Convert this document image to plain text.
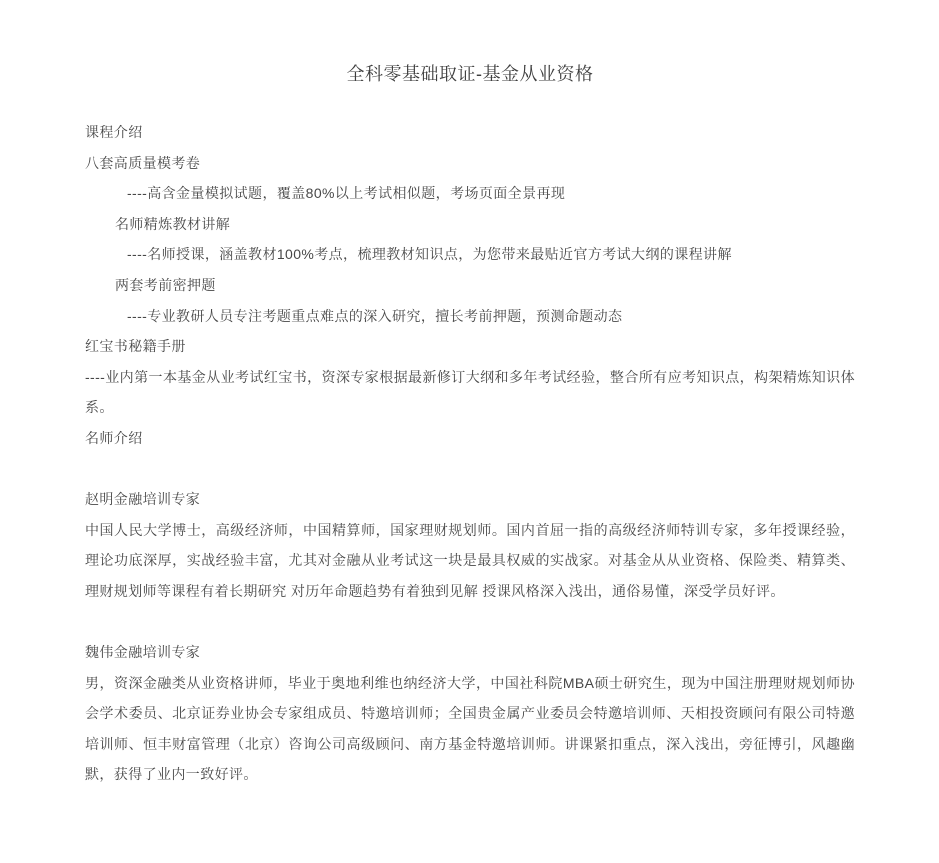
全科零基础取证-基金从业资格

课程介绍

八套高质量模考卷

----高含金量模拟试题，覆盖80%以上考试相似题，考场页面全景再现

名师精炼教材讲解

----名师授课，涵盖教材100%考点，梳理教材知识点，为您带来最贴近官方考试大纲的课程讲解

两套考前密押题

----专业教研人员专注考题重点难点的深入研究，擅长考前押题，预测命题动态

红宝书秘籍手册

----业内第一本基金从业考试红宝书，资深专家根据最新修订大纲和多年考试经验，整合所有应考知识点，构架精炼知识体系。

名师介绍

赵明金融培训专家

中国人民大学博士，高级经济师，中国精算师，国家理财规划师。国内首屈一指的高级经济师特训专家，多年授课经验，理论功底深厚，实战经验丰富，尤其对金融从业考试这一块是最具权威的实战家。对基金从从业资格、保险类、精算类、理财规划师等课程有着长期研究 对历年命题趋势有着独到见解 授课风格深入浅出，通俗易懂，深受学员好评。

魏伟金融培训专家

男，资深金融类从业资格讲师，毕业于奥地利维也纳经济大学，中国社科院MBA硕士研究生，现为中国注册理财规划师协会学术委员、北京证券业协会专家组成员、特邀培训师；全国贵金属产业委员会特邀培训师、天相投资顾问有限公司特邀培训师、恒丰财富管理（北京）咨询公司高级顾问、南方基金特邀培训师。讲课紧扣重点，深入浅出，旁征博引，风趣幽默，获得了业内一致好评。
